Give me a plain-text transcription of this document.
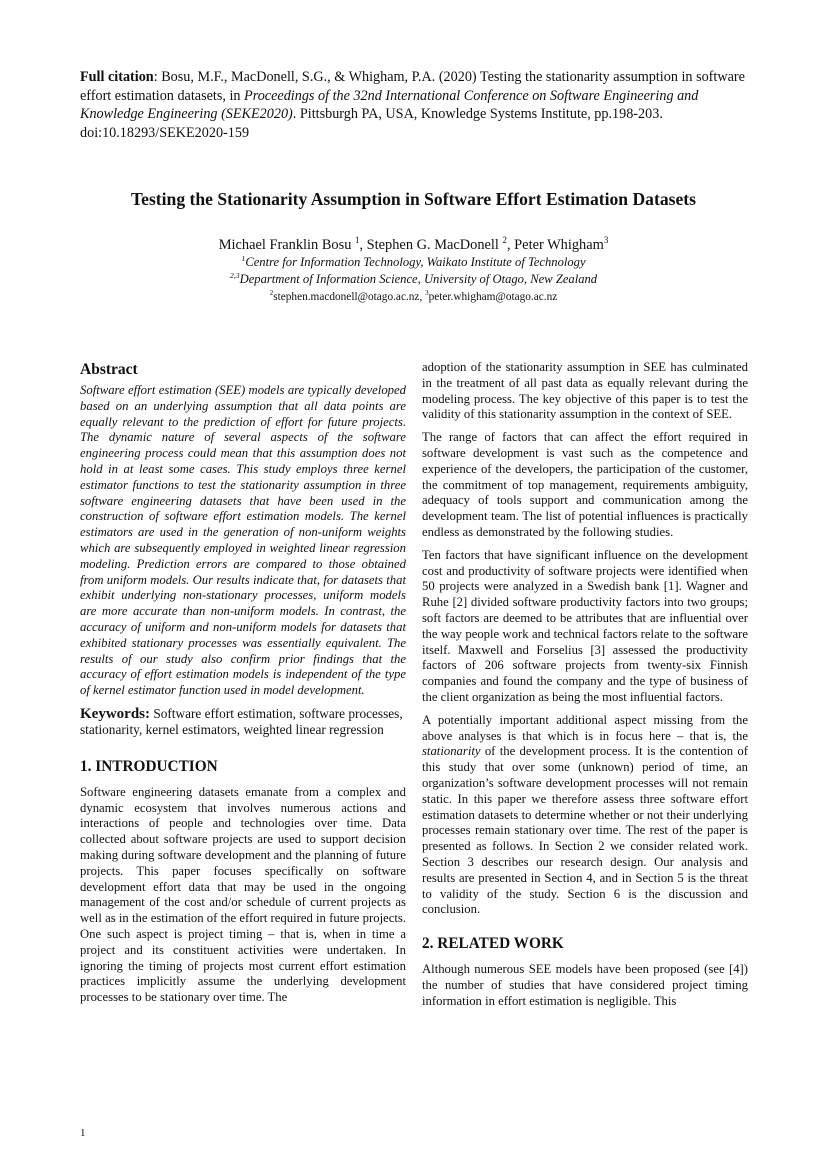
Full citation: Bosu, M.F., MacDonell, S.G., & Whigham, P.A. (2020) Testing the stationarity assumption in software effort estimation datasets, in Proceedings of the 32nd International Conference on Software Engineering and Knowledge Engineering (SEKE2020). Pittsburgh PA, USA, Knowledge Systems Institute, pp.198-203. doi:10.18293/SEKE2020-159
Testing the Stationarity Assumption in Software Effort Estimation Datasets
Michael Franklin Bosu $^1$, Stephen G. MacDonell $^2$, Peter Whigham$^3$
$^1$Centre for Information Technology, Waikato Institute of Technology
$^{2,3}$Department of Information Science, University of Otago, New Zealand
$^2$stephen.macdonell@otago.ac.nz, $^3$peter.whigham@otago.ac.nz
Abstract

Software effort estimation (SEE) models are typically developed based on an underlying assumption that all data points are equally relevant to the prediction of effort for future projects. The dynamic nature of several aspects of the software engineering process could mean that this assumption does not hold in at least some cases. This study employs three kernel estimator functions to test the stationarity assumption in three software engineering datasets that have been used in the construction of software effort estimation models. The kernel estimators are used in the generation of non-uniform weights which are subsequently employed in weighted linear regression modeling. Prediction errors are compared to those obtained from uniform models. Our results indicate that, for datasets that exhibit underlying non-stationary processes, uniform models are more accurate than non-uniform models. In contrast, the accuracy of uniform and non-uniform models for datasets that exhibited stationary processes was essentially equivalent. The results of our study also confirm prior findings that the accuracy of effort estimation models is independent of the type of kernel estimator function used in model development.

Keywords: Software effort estimation, software processes, stationarity, kernel estimators, weighted linear regression

1. INTRODUCTION

Software engineering datasets emanate from a complex and dynamic ecosystem that involves numerous actions and interactions of people and technologies over time. Data collected about software projects are used to support decision making during software development and the planning of future projects. This paper focuses specifically on software development effort data that may be used in the ongoing management of the cost and/or schedule of current projects as well as in the estimation of the effort required in future projects. One such aspect is project timing – that is, when in time a project and its constituent activities were undertaken. In ignoring the timing of projects most current effort estimation practices implicitly assume the underlying development processes to be stationary over time. The

adoption of the stationarity assumption in SEE has culminated in the treatment of all past data as equally relevant during the modeling process. The key objective of this paper is to test the validity of this stationarity assumption in the context of SEE.

The range of factors that can affect the effort required in software development is vast such as the competence and experience of the developers, the participation of the customer, the commitment of top management, requirements ambiguity, adequacy of tools support and communication among the development team. The list of potential influences is practically endless as demonstrated by the following studies.

Ten factors that have significant influence on the development cost and productivity of software projects were identified when 50 projects were analyzed in a Swedish bank [1]. Wagner and Ruhe [2] divided software productivity factors into two groups; soft factors are deemed to be attributes that are influential over the way people work and technical factors relate to the software itself. Maxwell and Forselius [3] assessed the productivity factors of 206 software projects from twenty-six Finnish companies and found the company and the type of business of the client organization as being the most influential factors.

A potentially important additional aspect missing from the above analyses is that which is in focus here – that is, the stationarity of the development process. It is the contention of this study that over some (unknown) period of time, an organization’s software development processes will not remain static. In this paper we therefore assess three software effort estimation datasets to determine whether or not their underlying processes remain stationary over time. The rest of the paper is presented as follows. In Section 2 we consider related work. Section 3 describes our research design. Our analysis and results are presented in Section 4, and in Section 5 is the threat to validity of the study. Section 6 is the discussion and conclusion.

2. RELATED WORK

Although numerous SEE models have been proposed (see [4]) the number of studies that have considered project timing information in effort estimation is negligible. This

1
